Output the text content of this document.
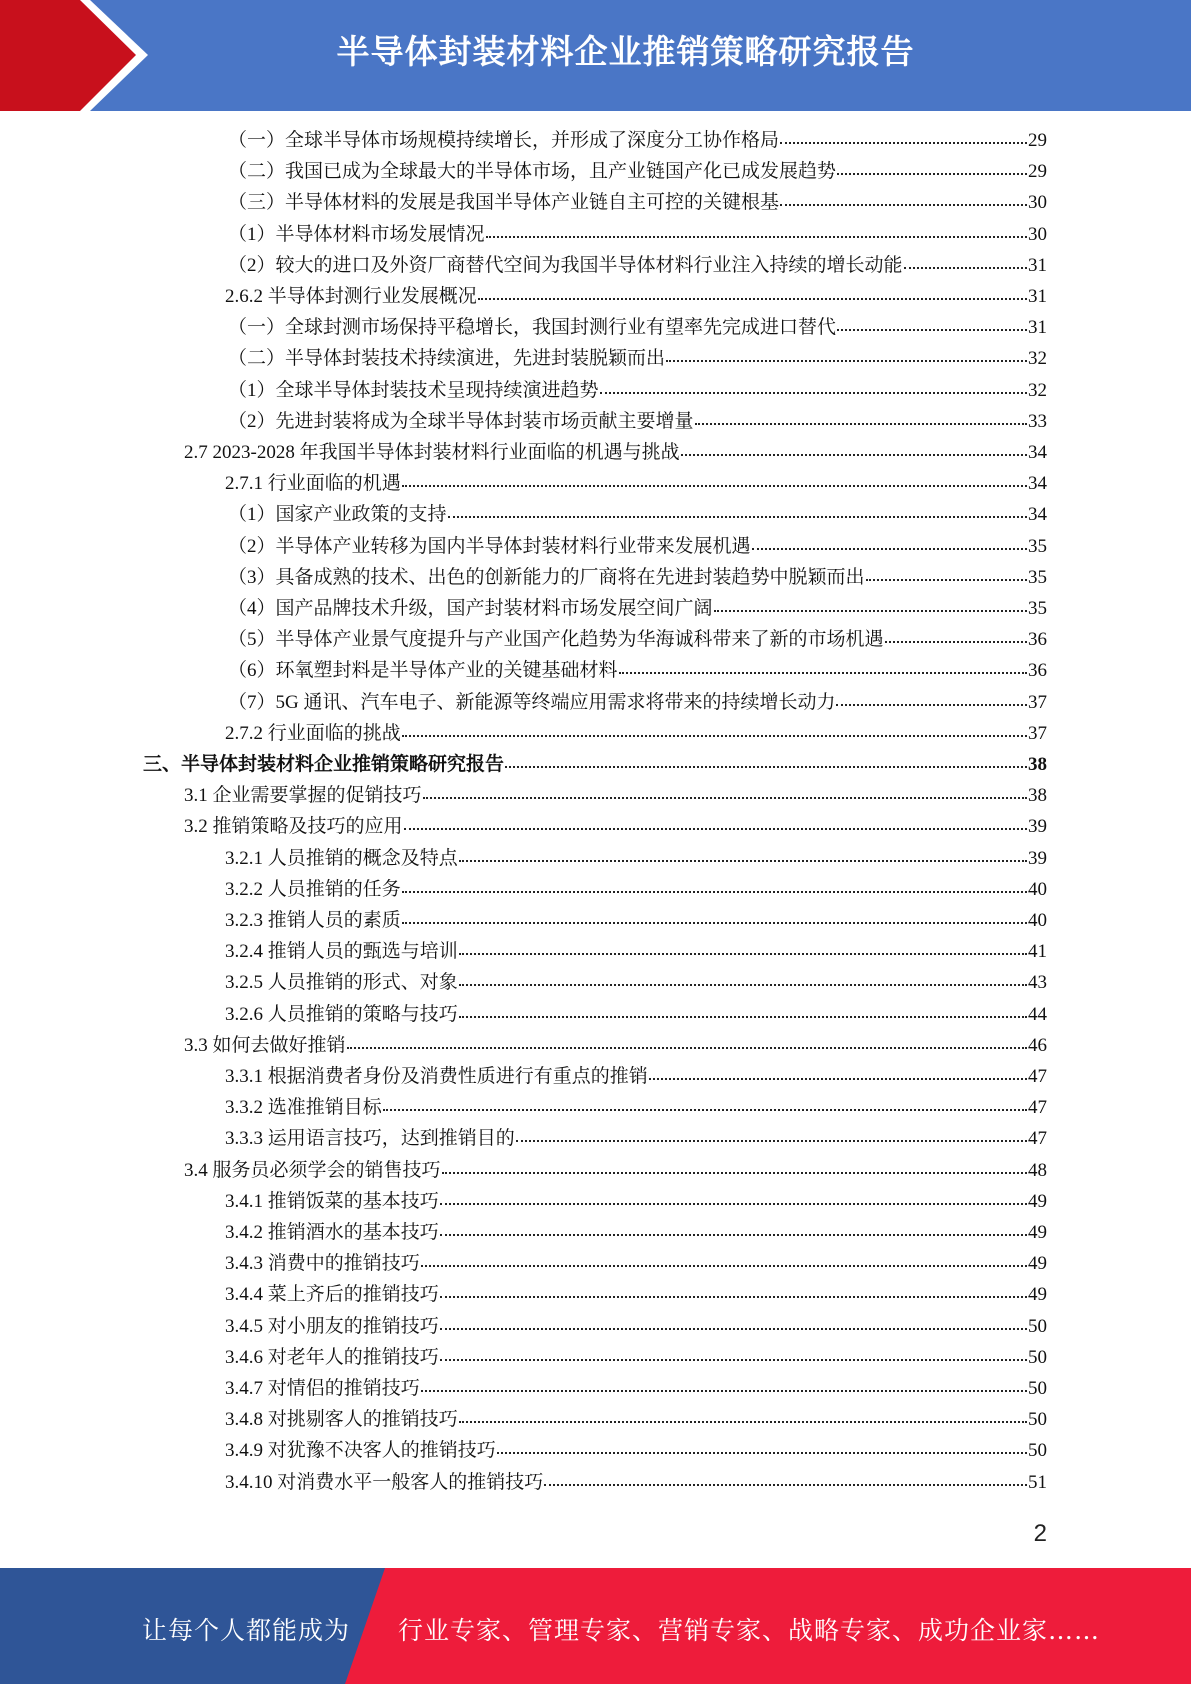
半导体封装材料企业推销策略研究报告
（一）全球半导体市场规模持续增长，并形成了深度分工协作格局	29
（二）我国已成为全球最大的半导体市场，且产业链国产化已成发展趋势	29
（三）半导体材料的发展是我国半导体产业链自主可控的关键根基	30
（1）半导体材料市场发展情况	30
（2）较大的进口及外资厂商替代空间为我国半导体材料行业注入持续的增长动能	31
2.6.2 半导体封测行业发展概况	31
（一）全球封测市场保持平稳增长，我国封测行业有望率先完成进口替代	31
（二）半导体封装技术持续演进，先进封装脱颖而出	32
（1）全球半导体封装技术呈现持续演进趋势	32
（2）先进封装将成为全球半导体封装市场贡献主要增量	33
2.7 2023-2028 年我国半导体封装材料行业面临的机遇与挑战	34
2.7.1 行业面临的机遇	34
（1）国家产业政策的支持	34
（2）半导体产业转移为国内半导体封装材料行业带来发展机遇	35
（3）具备成熟的技术、出色的创新能力的厂商将在先进封装趋势中脱颖而出	35
（4）国产品牌技术升级，国产封装材料市场发展空间广阔	35
（5）半导体产业景气度提升与产业国产化趋势为华海诚科带来了新的市场机遇	36
（6）环氧塑封料是半导体产业的关键基础材料	36
（7）5G 通讯、汽车电子、新能源等终端应用需求将带来的持续增长动力	37
2.7.2 行业面临的挑战	37
三、半导体封装材料企业推销策略研究报告	38
3.1 企业需要掌握的促销技巧	38
3.2 推销策略及技巧的应用	39
3.2.1 人员推销的概念及特点	39
3.2.2 人员推销的任务	40
3.2.3 推销人员的素质	40
3.2.4 推销人员的甄选与培训	41
3.2.5 人员推销的形式、对象	43
3.2.6 人员推销的策略与技巧	44
3.3 如何去做好推销	46
3.3.1 根据消费者身份及消费性质进行有重点的推销	47
3.3.2 选准推销目标	47
3.3.3 运用语言技巧，达到推销目的	47
3.4 服务员必须学会的销售技巧	48
3.4.1 推销饭菜的基本技巧	49
3.4.2 推销酒水的基本技巧	49
3.4.3 消费中的推销技巧	49
3.4.4 菜上齐后的推销技巧	49
3.4.5 对小朋友的推销技巧	50
3.4.6 对老年人的推销技巧	50
3.4.7 对情侣的推销技巧	50
3.4.8 对挑剔客人的推销技巧	50
3.4.9 对犹豫不决客人的推销技巧	50
3.4.10 对消费水平一般客人的推销技巧	51
2
让每个人都能成为 行业专家、管理专家、营销专家、战略专家、成功企业家……
